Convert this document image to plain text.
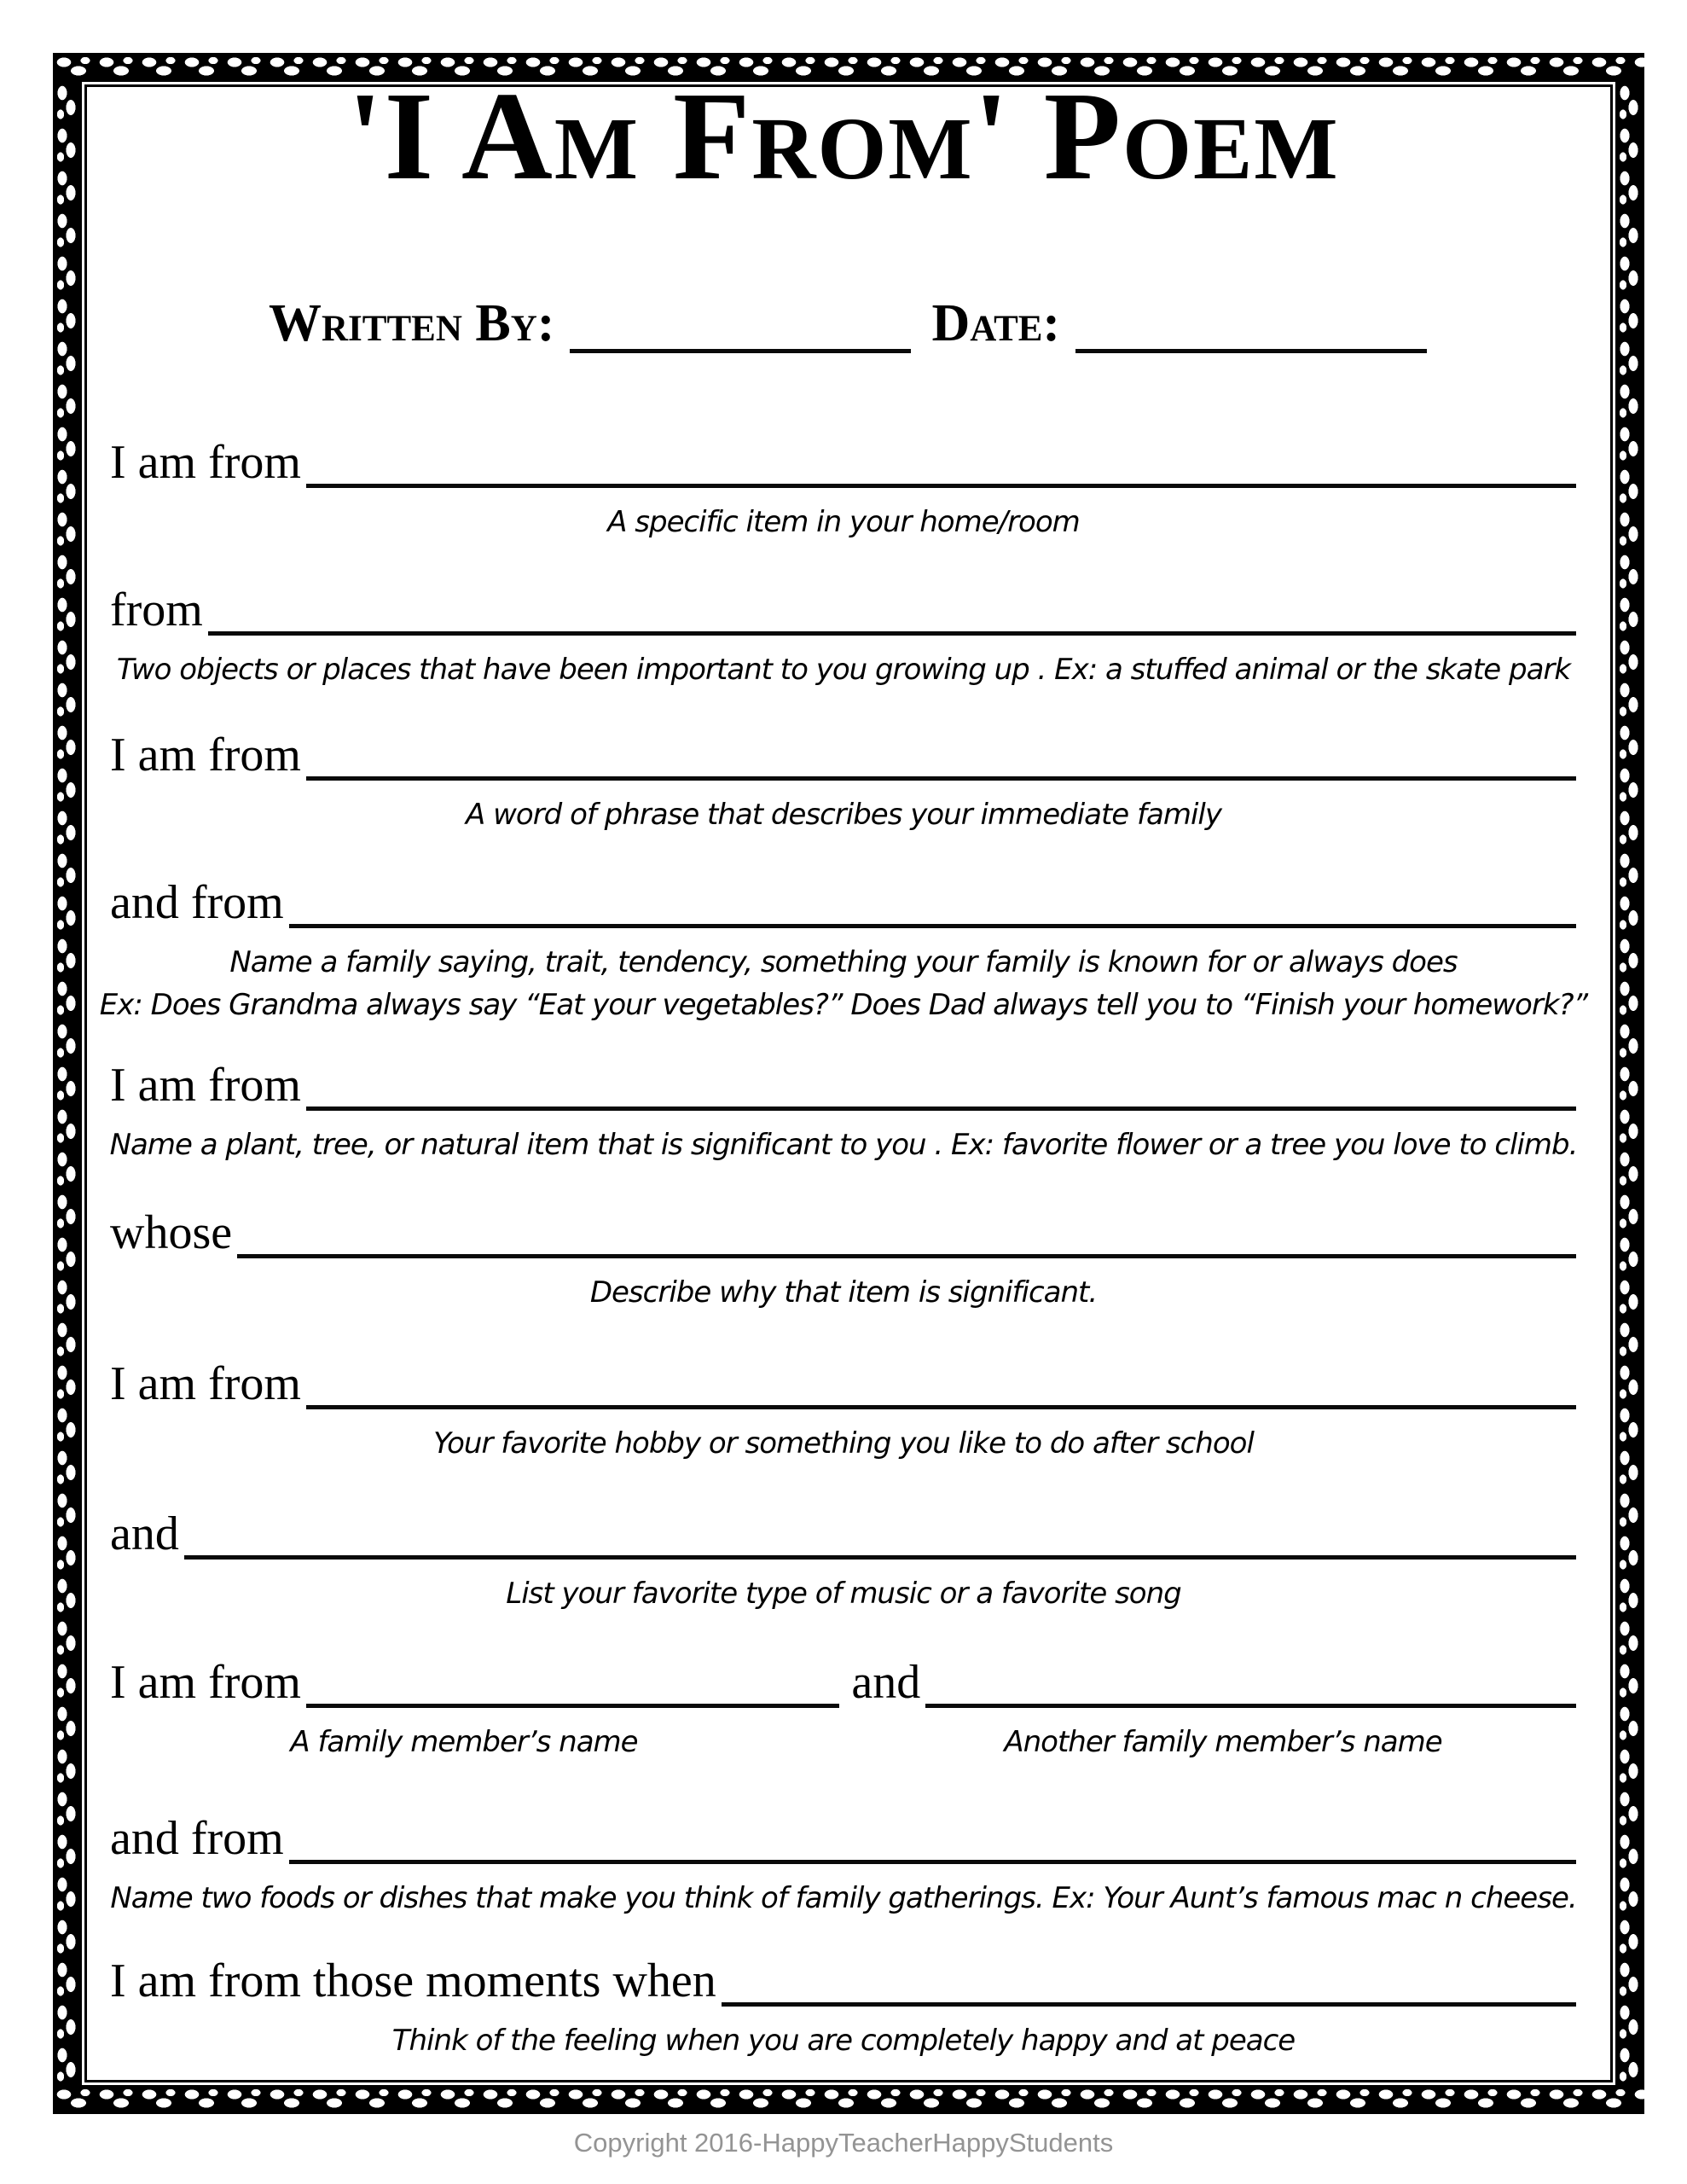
'I Am From' Poem
Written By:	Date:
I am from
A specific item in your home/room
from
Two objects or places that have been important to you growing up . Ex: a stuffed animal or the skate park
I am from
A word of phrase that describes your immediate family
and from
Name a family saying, trait, tendency, something your family is known for or always does
Ex: Does Grandma always say “Eat your vegetables?” Does Dad always tell you to “Finish your homework?”
I am from
Name a plant, tree, or natural item that is significant to you . Ex: favorite flower or a tree you love to climb.
whose
Describe why that item is significant.
I am from
Your favorite hobby or something you like to do after school
and
List your favorite type of music or a favorite song
I am from	and
A family member’s name	Another family member’s name
and from
Name two foods or dishes that make you think of family gatherings. Ex: Your Aunt’s famous mac n cheese.
I am from those moments when
Think of the feeling when you are completely happy and at peace
Copyright 2016-HappyTeacherHappyStudents
